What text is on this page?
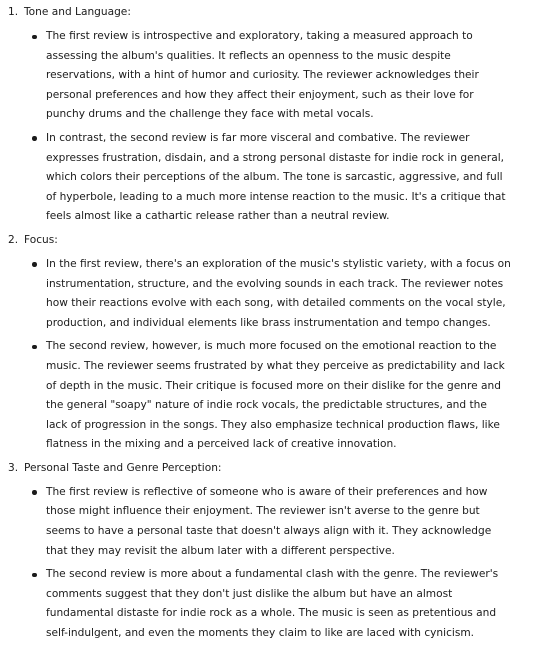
1. Tone and Language:
The first review is introspective and exploratory, taking a measured approach to assessing the album's qualities. It reflects an openness to the music despite reservations, with a hint of humor and curiosity. The reviewer acknowledges their personal preferences and how they affect their enjoyment, such as their love for punchy drums and the challenge they face with metal vocals.
In contrast, the second review is far more visceral and combative. The reviewer expresses frustration, disdain, and a strong personal distaste for indie rock in general, which colors their perceptions of the album. The tone is sarcastic, aggressive, and full of hyperbole, leading to a much more intense reaction to the music. It's a critique that feels almost like a cathartic release rather than a neutral review.
2. Focus:
In the first review, there's an exploration of the music's stylistic variety, with a focus on instrumentation, structure, and the evolving sounds in each track. The reviewer notes how their reactions evolve with each song, with detailed comments on the vocal style, production, and individual elements like brass instrumentation and tempo changes.
The second review, however, is much more focused on the emotional reaction to the music. The reviewer seems frustrated by what they perceive as predictability and lack of depth in the music. Their critique is focused more on their dislike for the genre and the general "soapy" nature of indie rock vocals, the predictable structures, and the lack of progression in the songs. They also emphasize technical production flaws, like flatness in the mixing and a perceived lack of creative innovation.
3. Personal Taste and Genre Perception:
The first review is reflective of someone who is aware of their preferences and how those might influence their enjoyment. The reviewer isn't averse to the genre but seems to have a personal taste that doesn't always align with it. They acknowledge that they may revisit the album later with a different perspective.
The second review is more about a fundamental clash with the genre. The reviewer's comments suggest that they don't just dislike the album but have an almost fundamental distaste for indie rock as a whole. The music is seen as pretentious and self-indulgent, and even the moments they claim to like are laced with cynicism.
